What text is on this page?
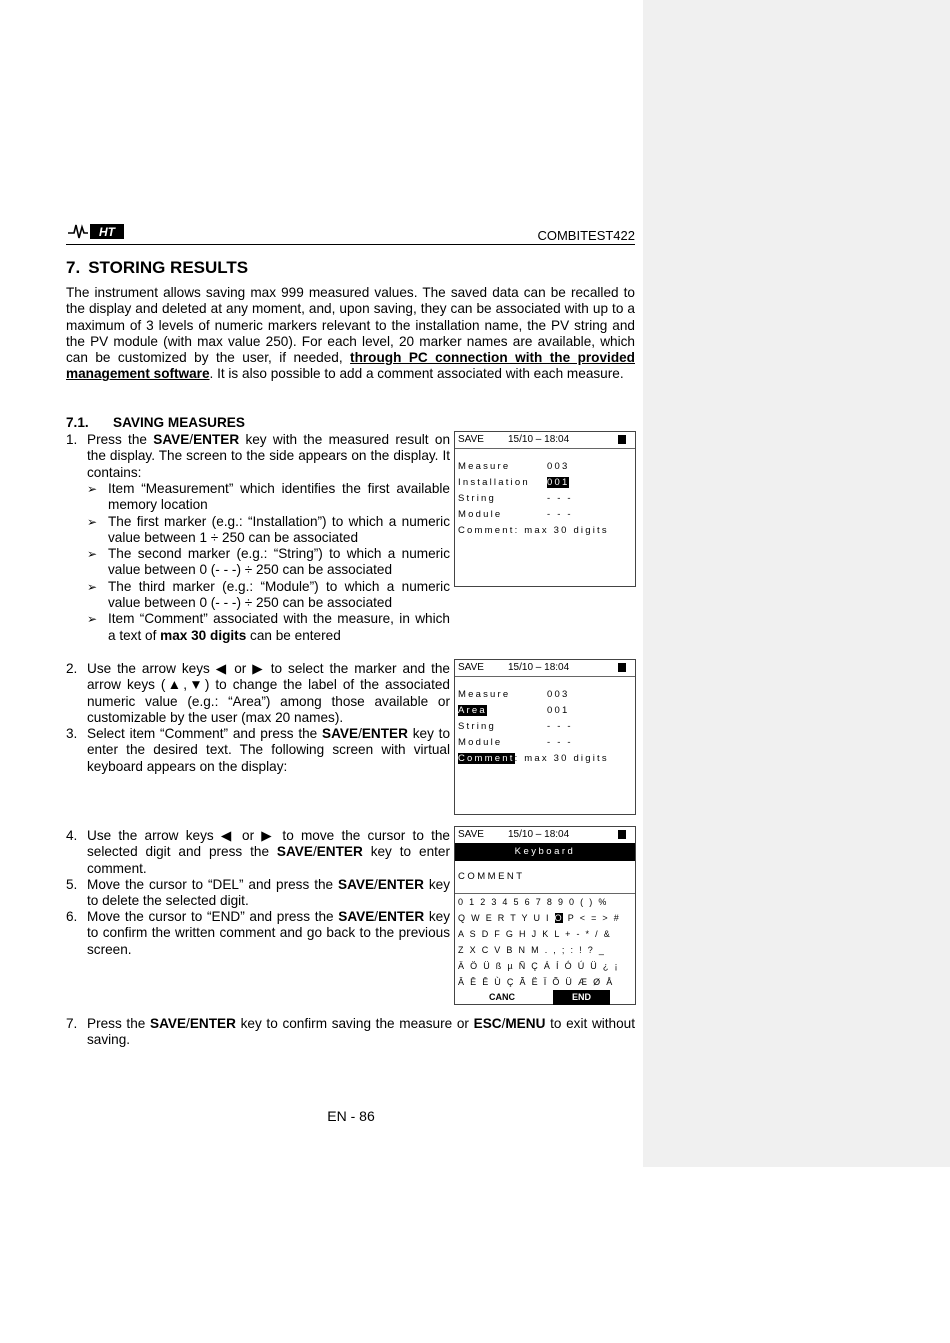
HT	COMBITEST422
7. STORING RESULTS
The instrument allows saving max 999 measured values. The saved data can be recalled to the display and deleted at any moment, and, upon saving, they can be associated with up to a maximum of 3 levels of numeric markers relevant to the installation name, the PV string and the PV module (with max value 250). For each level, 20 marker names are available, which can be customized by the user, if needed, through PC connection with the provided management software. It is also possible to add a comment associated with each measure.
7.1. SAVING MEASURES
1. Press the SAVE/ENTER key with the measured result on the display. The screen to the side appears on the display. It contains:
➢ Item “Measurement” which identifies the first available memory location
➢ The first marker (e.g.: “Installation”) to which a numeric value between 1 ÷ 250 can be associated
➢ The second marker (e.g.: “String”) to which a numeric value between 0 (- - -) ÷ 250 can be associated
➢ The third marker (e.g.: “Module”) to which a numeric value between 0 (- - -) ÷ 250 can be associated
➢ Item “Comment” associated with the measure, in which a text of max 30 digits can be entered
2. Use the arrow keys ◀ or ▶ to select the marker and the arrow keys (▲,▼) to change the label of the associated numeric value (e.g.: “Area”) among those available or customizable by the user (max 20 names).
3. Select item “Comment” and press the SAVE/ENTER key to enter the desired text. The following screen with virtual keyboard appears on the display:
4. Use the arrow keys ◀ or ▶ to move the cursor to the selected digit and press the SAVE/ENTER key to enter comment.
5. Move the cursor to “DEL” and press the SAVE/ENTER key to delete the selected digit.
6. Move the cursor to “END” and press the SAVE/ENTER key to confirm the written comment and go back to the previous screen.
7. Press the SAVE/ENTER key to confirm saving the measure or ESC/MENU to exit without saving.
SAVE 15/10 – 18:04
Measure	003
Installation 001
String	- - -
Module	- - -
Comment: max 30 digits
SAVE 15/10 – 18:04
Measure	003
Area	001
String	- - -
Module	- - -
Comment: max 30 digits
SAVE 15/10 – 18:04
Keyboard
COMMENT
0 1 2 3 4 5 6 7 8 9 0 ( ) %
Q W E R T Y U I O P < = > #
A S D F G H J K L + - * / &
Z X C V B N M . , ; : ! ? _
Ä Ö Ü ß µ Ñ Ç Á Í Ó Ú Ü ¿ ¡
Â Ê Ê Ù Ç Ã Ë Ï Õ Ü Æ Ø Å
CANC	END
EN - 86
